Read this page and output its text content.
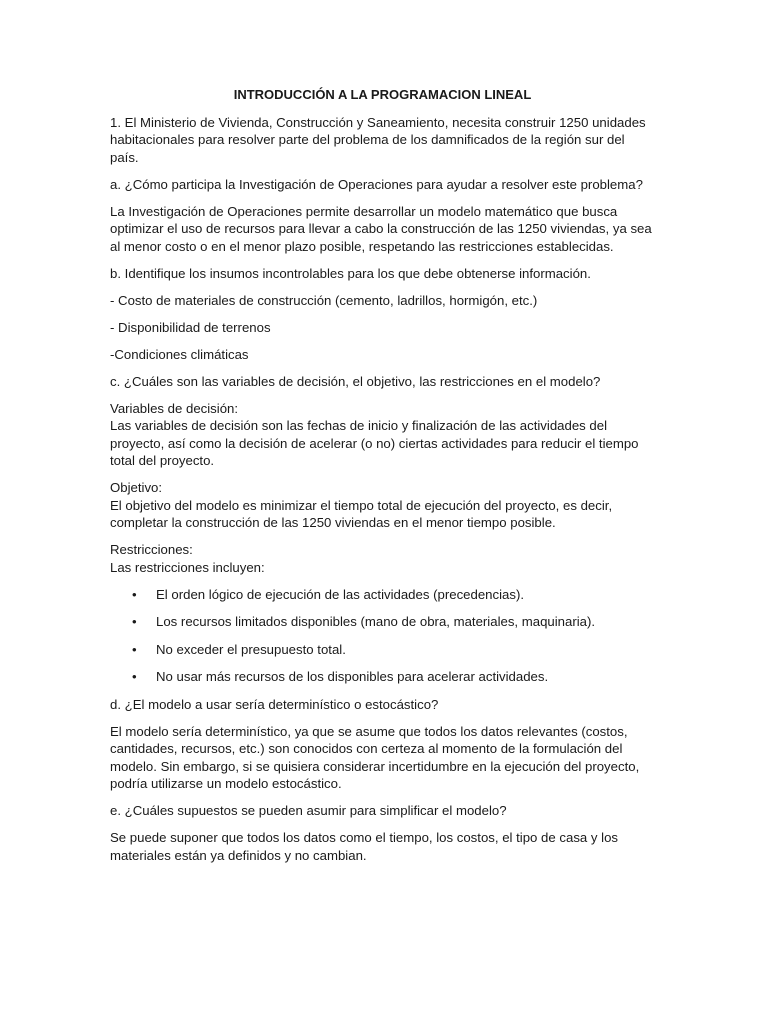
INTRODUCCIÓN A LA PROGRAMACION LINEAL

1. El Ministerio de Vivienda, Construcción y Saneamiento, necesita construir 1250 unidades habitacionales para resolver parte del problema de los damnificados de la región sur del país.

a. ¿Cómo participa la Investigación de Operaciones para ayudar a resolver este problema?

La Investigación de Operaciones permite desarrollar un modelo matemático que busca optimizar el uso de recursos para llevar a cabo la construcción de las 1250 viviendas, ya sea al menor costo o en el menor plazo posible, respetando las restricciones establecidas.

b. Identifique los insumos incontrolables para los que debe obtenerse información.

- Costo de materiales de construcción (cemento, ladrillos, hormigón, etc.)

- Disponibilidad de terrenos

-Condiciones climáticas

c. ¿Cuáles son las variables de decisión, el objetivo, las restricciones en el modelo?

Variables de decisión:
Las variables de decisión son las fechas de inicio y finalización de las actividades del proyecto, así como la decisión de acelerar (o no) ciertas actividades para reducir el tiempo total del proyecto.

Objetivo:
El objetivo del modelo es minimizar el tiempo total de ejecución del proyecto, es decir, completar la construcción de las 1250 viviendas en el menor tiempo posible.

Restricciones:
Las restricciones incluyen:

• El orden lógico de ejecución de las actividades (precedencias).
• Los recursos limitados disponibles (mano de obra, materiales, maquinaria).
• No exceder el presupuesto total.
• No usar más recursos de los disponibles para acelerar actividades.

d. ¿El modelo a usar sería determinístico o estocástico?

El modelo sería determinístico, ya que se asume que todos los datos relevantes (costos, cantidades, recursos, etc.) son conocidos con certeza al momento de la formulación del modelo. Sin embargo, si se quisiera considerar incertidumbre en la ejecución del proyecto, podría utilizarse un modelo estocástico.

e. ¿Cuáles supuestos se pueden asumir para simplificar el modelo?

Se puede suponer que todos los datos como el tiempo, los costos, el tipo de casa y los materiales están ya definidos y no cambian.
